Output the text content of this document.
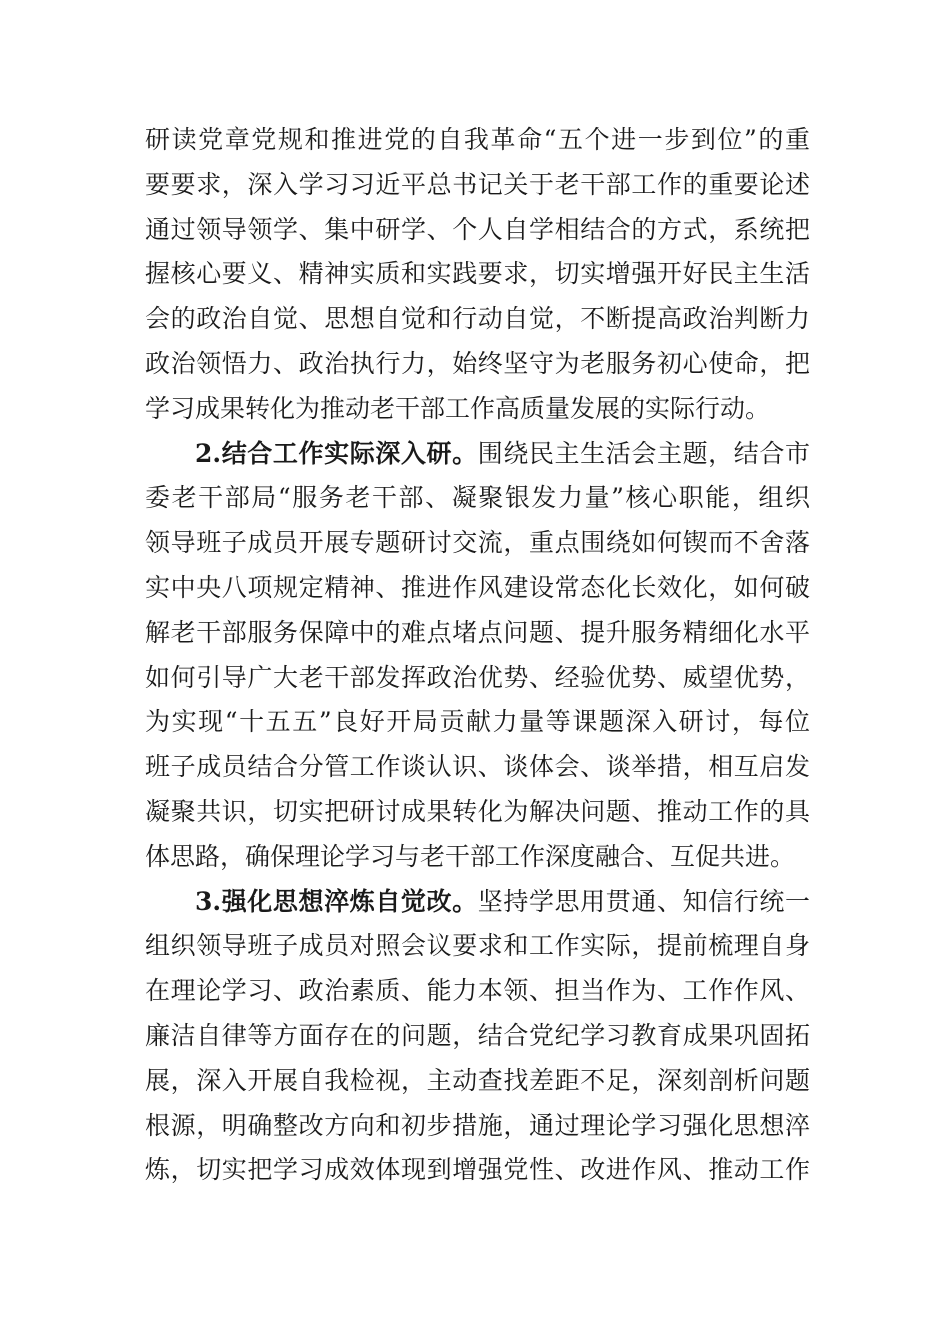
研读党章党规和推进党的自我革命“五个进一步到位”的重
要要求，深入学习习近平总书记关于老干部工作的重要论述
通过领导领学、集中研学、个人自学相结合的方式，系统把
握核心要义、精神实质和实践要求，切实增强开好民主生活
会的政治自觉、思想自觉和行动自觉，不断提高政治判断力
政治领悟力、政治执行力，始终坚守为老服务初心使命，把
学习成果转化为推动老干部工作高质量发展的实际行动。
2.结合工作实际深入研。围绕民主生活会主题，结合市
委老干部局“服务老干部、凝聚银发力量”核心职能，组织
领导班子成员开展专题研讨交流，重点围绕如何锲而不舍落
实中央八项规定精神、推进作风建设常态化长效化，如何破
解老干部服务保障中的难点堵点问题、提升服务精细化水平
如何引导广大老干部发挥政治优势、经验优势、威望优势，
为实现“十五五”良好开局贡献力量等课题深入研讨，每位
班子成员结合分管工作谈认识、谈体会、谈举措，相互启发
凝聚共识，切实把研讨成果转化为解决问题、推动工作的具
体思路，确保理论学习与老干部工作深度融合、互促共进。
3.强化思想淬炼自觉改。坚持学思用贯通、知信行统一
组织领导班子成员对照会议要求和工作实际，提前梳理自身
在理论学习、政治素质、能力本领、担当作为、工作作风、
廉洁自律等方面存在的问题，结合党纪学习教育成果巩固拓
展，深入开展自我检视，主动查找差距不足，深刻剖析问题
根源，明确整改方向和初步措施，通过理论学习强化思想淬
炼，切实把学习成效体现到增强党性、改进作风、推动工作
